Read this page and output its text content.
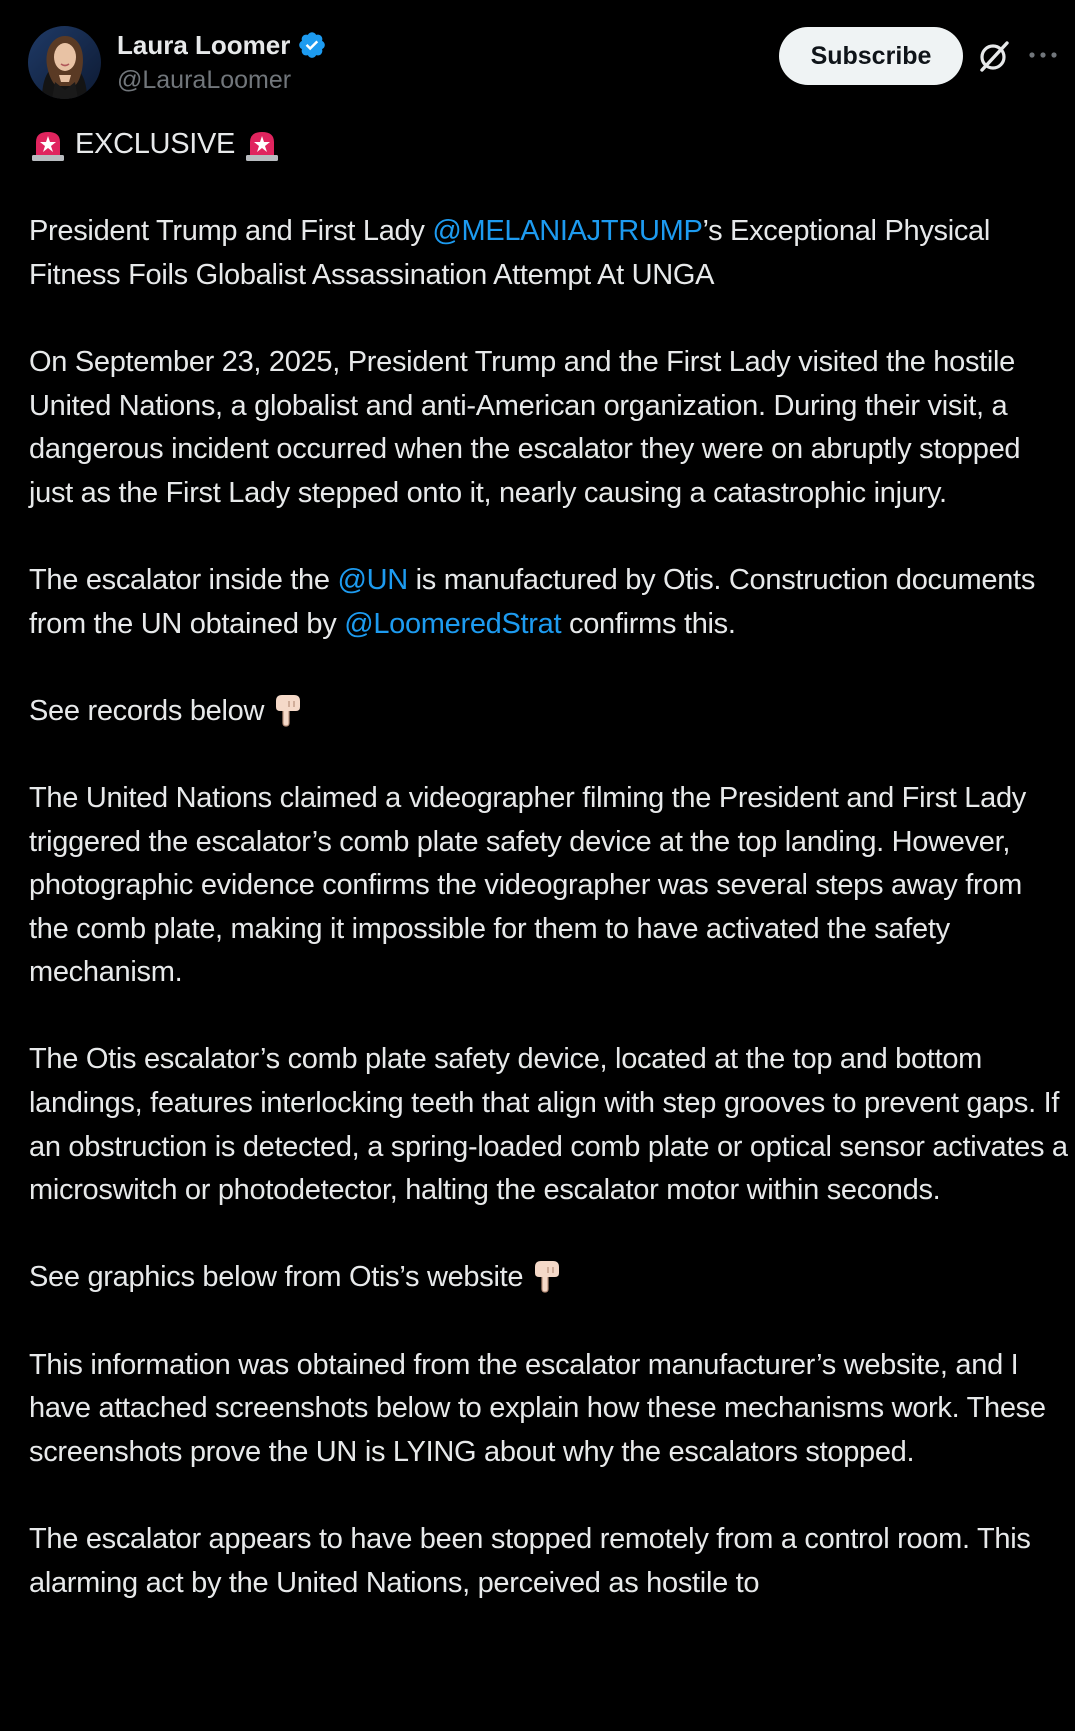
Laura Loomer
@LauraLoomer
Subscribe

EXCLUSIVE

President Trump and First Lady @MELANIAJTRUMP’s Exceptional Physical Fitness Foils Globalist Assassination Attempt At UNGA

On September 23, 2025, President Trump and the First Lady visited the hostile United Nations, a globalist and anti-American organization. During their visit, a dangerous incident occurred when the escalator they were on abruptly stopped just as the First Lady stepped onto it, nearly causing a catastrophic injury.

The escalator inside the @UN is manufactured by Otis. Construction documents from the UN obtained by @LoomeredStrat confirms this.

See records below

The United Nations claimed a videographer filming the President and First Lady triggered the escalator’s comb plate safety device at the top landing. However, photographic evidence confirms the videographer was several steps away from the comb plate, making it impossible for them to have activated the safety mechanism.

The Otis escalator’s comb plate safety device, located at the top and bottom landings, features interlocking teeth that align with step grooves to prevent gaps. If an obstruction is detected, a spring-loaded comb plate or optical sensor activates a microswitch or photodetector, halting the escalator motor within seconds.

See graphics below from Otis’s website

This information was obtained from the escalator manufacturer’s website, and I have attached screenshots below to explain how these mechanisms work. These screenshots prove the UN is LYING about why the escalators stopped.

The escalator appears to have been stopped remotely from a control room. This alarming act by the United Nations, perceived as hostile to
